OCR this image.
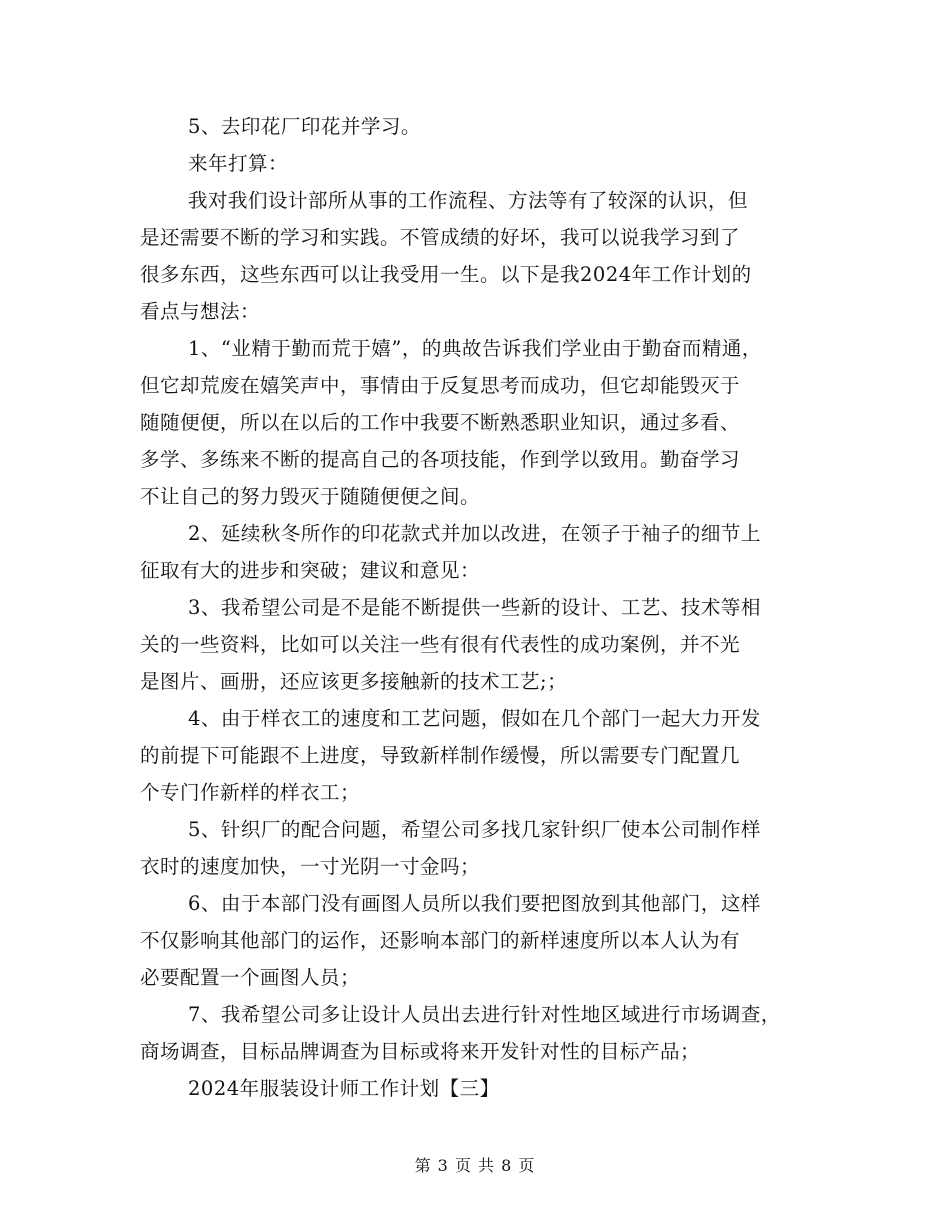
5、去印花厂印花并学习。
来年打算：
我对我们设计部所从事的工作流程、方法等有了较深的认识，但
是还需要不断的学习和实践。不管成绩的好坏，我可以说我学习到了
很多东西，这些东西可以让我受用一生。以下是我2024年工作计划的
看点与想法：
1、“业精于勤而荒于嬉”，的典故告诉我们学业由于勤奋而精通，
但它却荒废在嬉笑声中，事情由于反复思考而成功，但它却能毁灭于
随随便便，所以在以后的工作中我要不断熟悉职业知识，通过多看、
多学、多练来不断的提高自己的各项技能，作到学以致用。勤奋学习
不让自己的努力毁灭于随随便便之间。
2、延续秋冬所作的印花款式并加以改进，在领子于袖子的细节上
征取有大的进步和突破；建议和意见：
3、我希望公司是不是能不断提供一些新的设计、工艺、技术等相
关的一些资料，比如可以关注一些有很有代表性的成功案例，并不光
是图片、画册，还应该更多接触新的技术工艺;；
4、由于样衣工的速度和工艺问题，假如在几个部门一起大力开发
的前提下可能跟不上进度，导致新样制作缓慢，所以需要专门配置几
个专门作新样的样衣工；
5、针织厂的配合问题，希望公司多找几家针织厂使本公司制作样
衣时的速度加快，一寸光阴一寸金吗；
6、由于本部门没有画图人员所以我们要把图放到其他部门，这样
不仅影响其他部门的运作，还影响本部门的新样速度所以本人认为有
必要配置一个画图人员；
7、我希望公司多让设计人员出去进行针对性地区域进行市场调查，
商场调查，目标品牌调查为目标或将来开发针对性的目标产品；
2024年服装设计师工作计划【三】
第 3 页 共 8 页
